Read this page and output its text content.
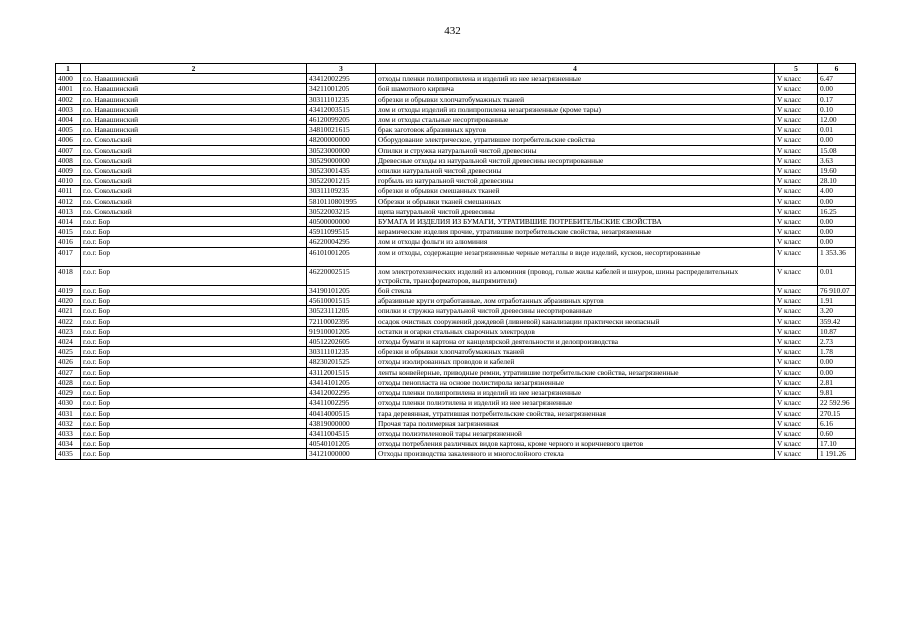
432
1	2	3	4	5	6
4000	г.о. Навашинский	43412002295	отходы пленки полипропилена и изделий из нее незагрязненные	V класс	6.47
4001	г.о. Навашинский	34211001205	бой шамотного кирпича	V класс	0.00
4002	г.о. Навашинский	30311101235	обрезки и обрывки хлопчатобумажных тканей	V класс	0.17
4003	г.о. Навашинский	43412003515	лом и отходы изделий из полипропилена незагрязненные (кроме тары)	V класс	0.10
4004	г.о. Навашинский	46120099205	лом и отходы стальные несортированные	V класс	12.00
4005	г.о. Навашинский	34810021615	брак заготовок абразивных кругов	V класс	0.01
4006	г.о. Сокольский	48200000000	Оборудование электрическое, утратившее потребительские свойства	V класс	0.00
4007	г.о. Сокольский	30523000000	Опилки и стружка натуральной чистой древесины	V класс	15.08
4008	г.о. Сокольский	30529000000	Древесные отходы из натуральной чистой древесины несортированные	V класс	3.63
4009	г.о. Сокольский	30523001435	опилки натуральной чистой древесины	V класс	19.60
4010	г.о. Сокольский	30522001215	горбыль из натуральной чистой древесины	V класс	28.10
4011	г.о. Сокольский	30311109235	обрезки и обрывки смешанных тканей	V класс	4.00
4012	г.о. Сокольский	5810110801995	Обрезки и обрывки тканей смешанных	V класс	0.00
4013	г.о. Сокольский	30522003215	щепа натуральной чистой древесины	V класс	16.25
4014	г.о.г. Бор	40500000000	БУМАГА И ИЗДЕЛИЯ ИЗ БУМАГИ, УТРАТИВШИЕ ПОТРЕБИТЕЛЬСКИЕ СВОЙСТВА	V класс	0.00
4015	г.о.г. Бор	45911099515	керамические изделия прочие, утратившие потребительские свойства, незагрязненные	V класс	0.00
4016	г.о.г. Бор	46220004295	лом и отходы фольги из алюминия	V класс	0.00
4017	г.о.г. Бор	46101001205	лом и отходы, содержащие незагрязненные черные металлы в виде изделий, кусков, несортированные	V класс	1 353.36
4018	г.о.г. Бор	46220002515	лом электротехнических изделий из алюминия (провод, голые жилы кабелей и шнуров, шины распределительных устройств, трансформаторов, выпрямители)	V класс	0.01
4019	г.о.г. Бор	34190101205	бой стекла	V класс	76 910.07
4020	г.о.г. Бор	45610001515	абразивные круги отработанные, лом отработанных абразивных кругов	V класс	1.91
4021	г.о.г. Бор	30523111205	опилки и стружка натуральной чистой древесины несортированные	V класс	3.20
4022	г.о.г. Бор	72110002395	осадок очистных сооружений дождевой (ливневой) канализации практически неопасный	V класс	359.42
4023	г.о.г. Бор	91910001205	остатки и огарки стальных сварочных электродов	V класс	10.87
4024	г.о.г. Бор	40512202605	отходы бумаги и картона от канцелярской деятельности и делопроизводства	V класс	2.73
4025	г.о.г. Бор	30311101235	обрезки и обрывки хлопчатобумажных тканей	V класс	1.78
4026	г.о.г. Бор	48230201525	отходы изолированных проводов и кабелей	V класс	0.00
4027	г.о.г. Бор	43112001515	ленты конвейерные, приводные ремни, утратившие потребительские свойства, незагрязненные	V класс	0.00
4028	г.о.г. Бор	43414101205	отходы пенопласта на основе полистирола незагрязненные	V класс	2.81
4029	г.о.г. Бор	43412002295	отходы пленки полипропилена и изделий из нее незагрязненные	V класс	9.81
4030	г.о.г. Бор	43411002295	отходы пленки полиэтилена и изделий из нее незагрязненные	V класс	22 592.96
4031	г.о.г. Бор	40414000515	тара деревянная, утратившая потребительские свойства, незагрязненная	V класс	270.15
4032	г.о.г. Бор	43819000000	Прочая тара полимерная загрязненная	V класс	6.16
4033	г.о.г. Бор	43411004515	отходы полиэтиленовой тары незагрязненной	V класс	0.60
4034	г.о.г. Бор	40540101205	отходы потребления различных видов картона, кроме черного и коричневого цветов	V класс	17.10
4035	г.о.г. Бор	34121000000	Отходы производства закаленного и многослойного стекла	V класс	1 191.26
